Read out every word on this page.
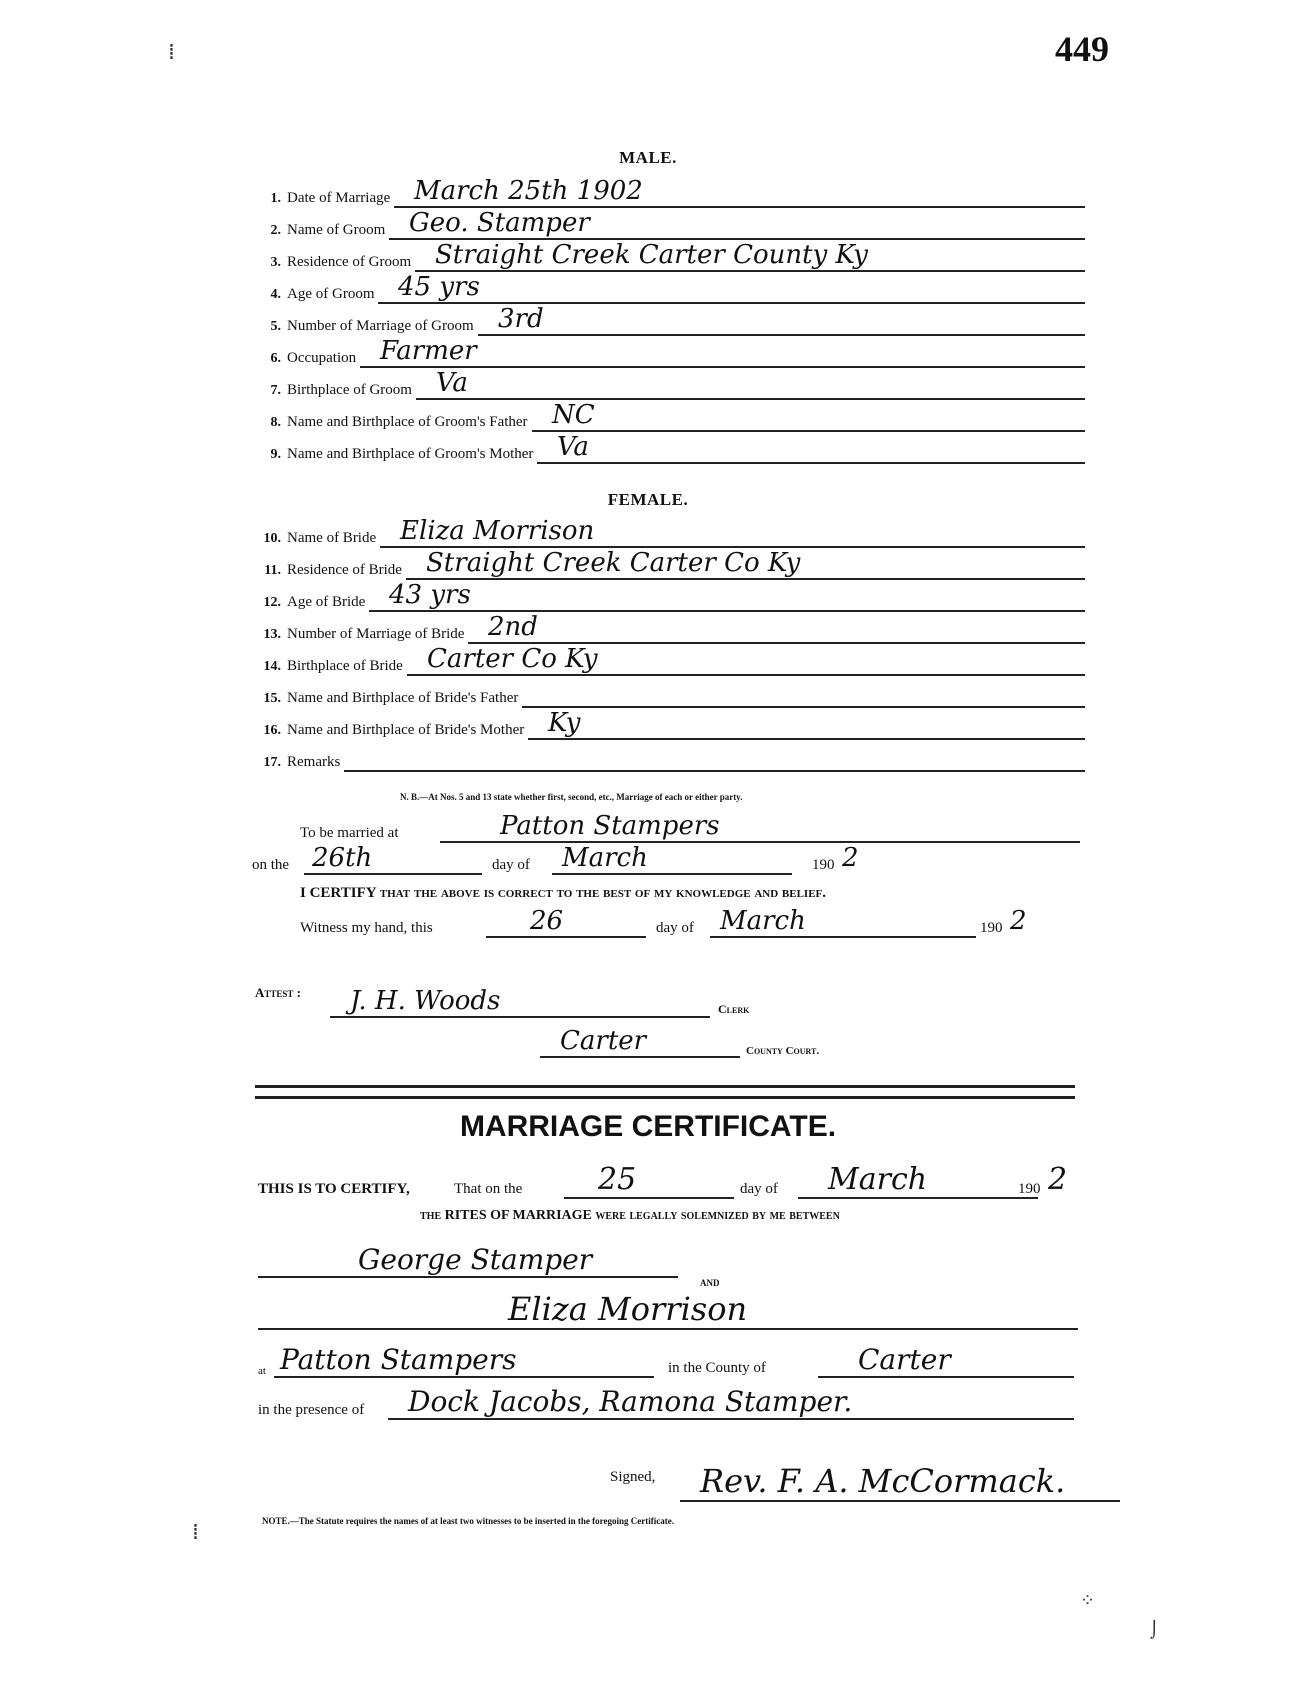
449
⁞
⁞
MALE.
1. Date of Marriage March 25th 1902
2. Name of Groom Geo. Stamper
3. Residence of Groom Straight Creek Carter County Ky
4. Age of Groom 45 yrs
5. Number of Marriage of Groom 3rd
6. Occupation Farmer
7. Birthplace of Groom Va
8. Name and Birthplace of Groom's Father NC
9. Name and Birthplace of Groom's Mother Va
FEMALE.
10. Name of Bride Eliza Morrison
11. Residence of Bride Straight Creek Carter Co Ky
12. Age of Bride 43 yrs
13. Number of Marriage of Bride 2nd
14. Birthplace of Bride Carter Co Ky
15. Name and Birthplace of Bride's Father
16. Name and Birthplace of Bride's Mother Ky
17. Remarks
N. B.—At Nos. 5 and 13 state whether first, second, etc., Marriage of each or either party.
To be married at	Patton Stampers
on the 26th	day of March	190 2
I CERTIFY that the above is correct to the best of my knowledge and belief.
Witness my hand, this	26	day of March	190 2
Attest : J. H. Woods	Clerk
Carter	County Court.
MARRIAGE CERTIFICATE.
THIS IS TO CERTIFY,	That on the	25	day of March	190 2
the RITES OF MARRIAGE were legally solemnized by me between
George Stamper
AND
Eliza Morrison
at Patton Stampers	in the County of	Carter
in the presence of Dock Jacobs, Ramona Stamper.
Signed, Rev. F. A. McCormack.
NOTE.—The Statute requires the names of at least two witnesses to be inserted in the foregoing Certificate.
⁘
⌡
